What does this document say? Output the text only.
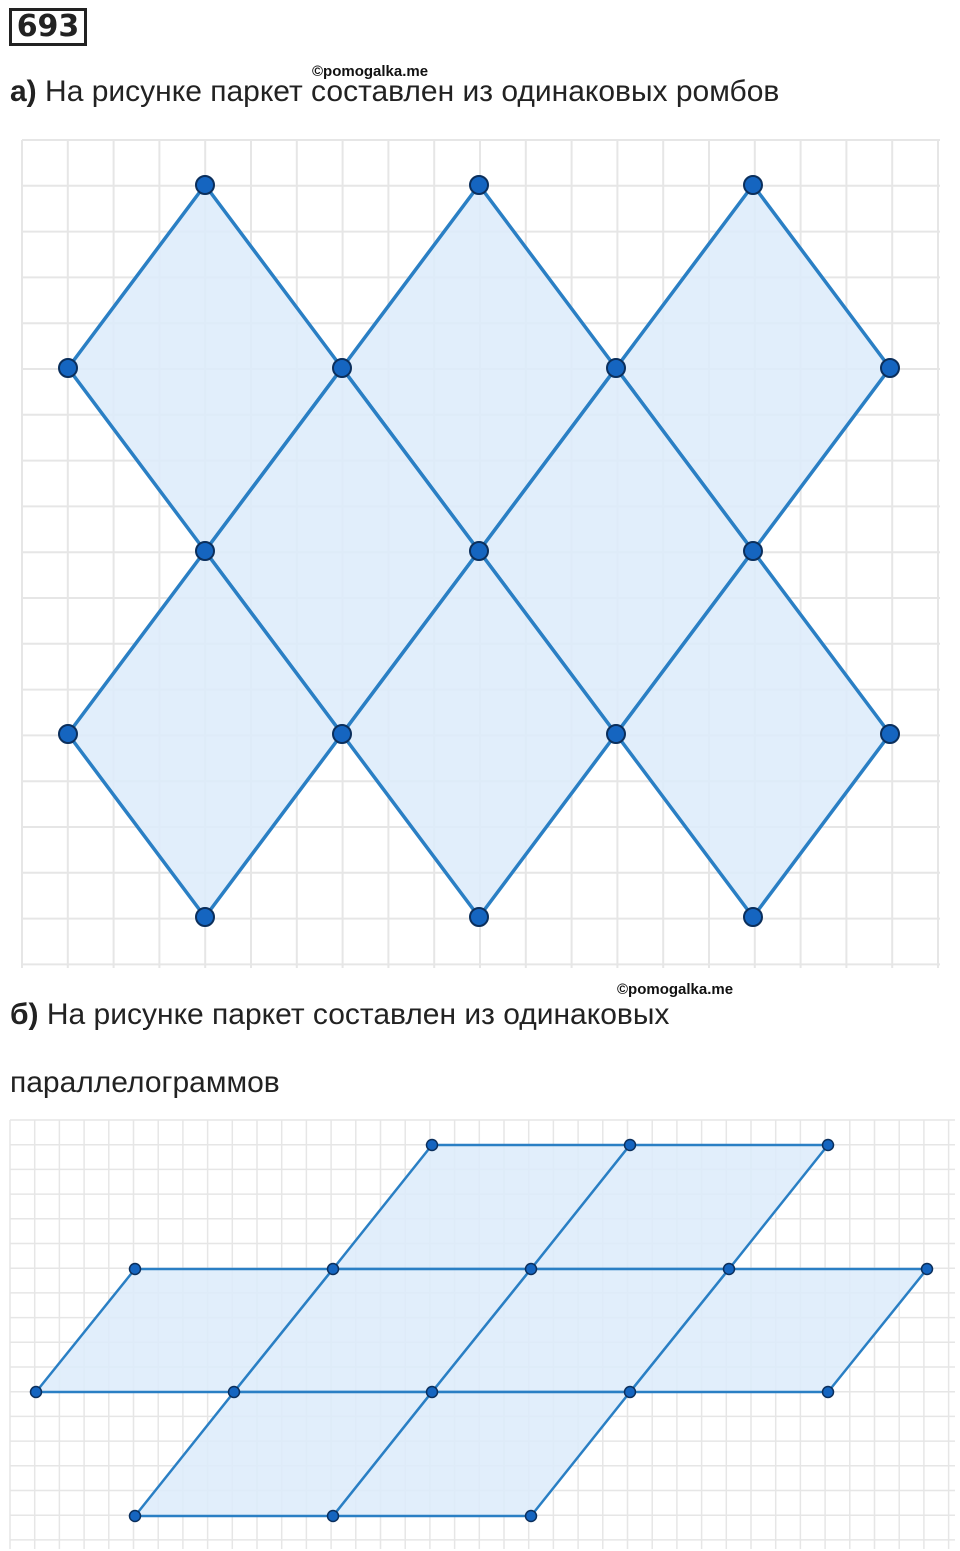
693
©pomogalka.me
а) На рисунке паркет составлен из одинаковых ромбов
©pomogalka.me
б) На рисунке паркет составлен из одинаковых
параллелограммов
